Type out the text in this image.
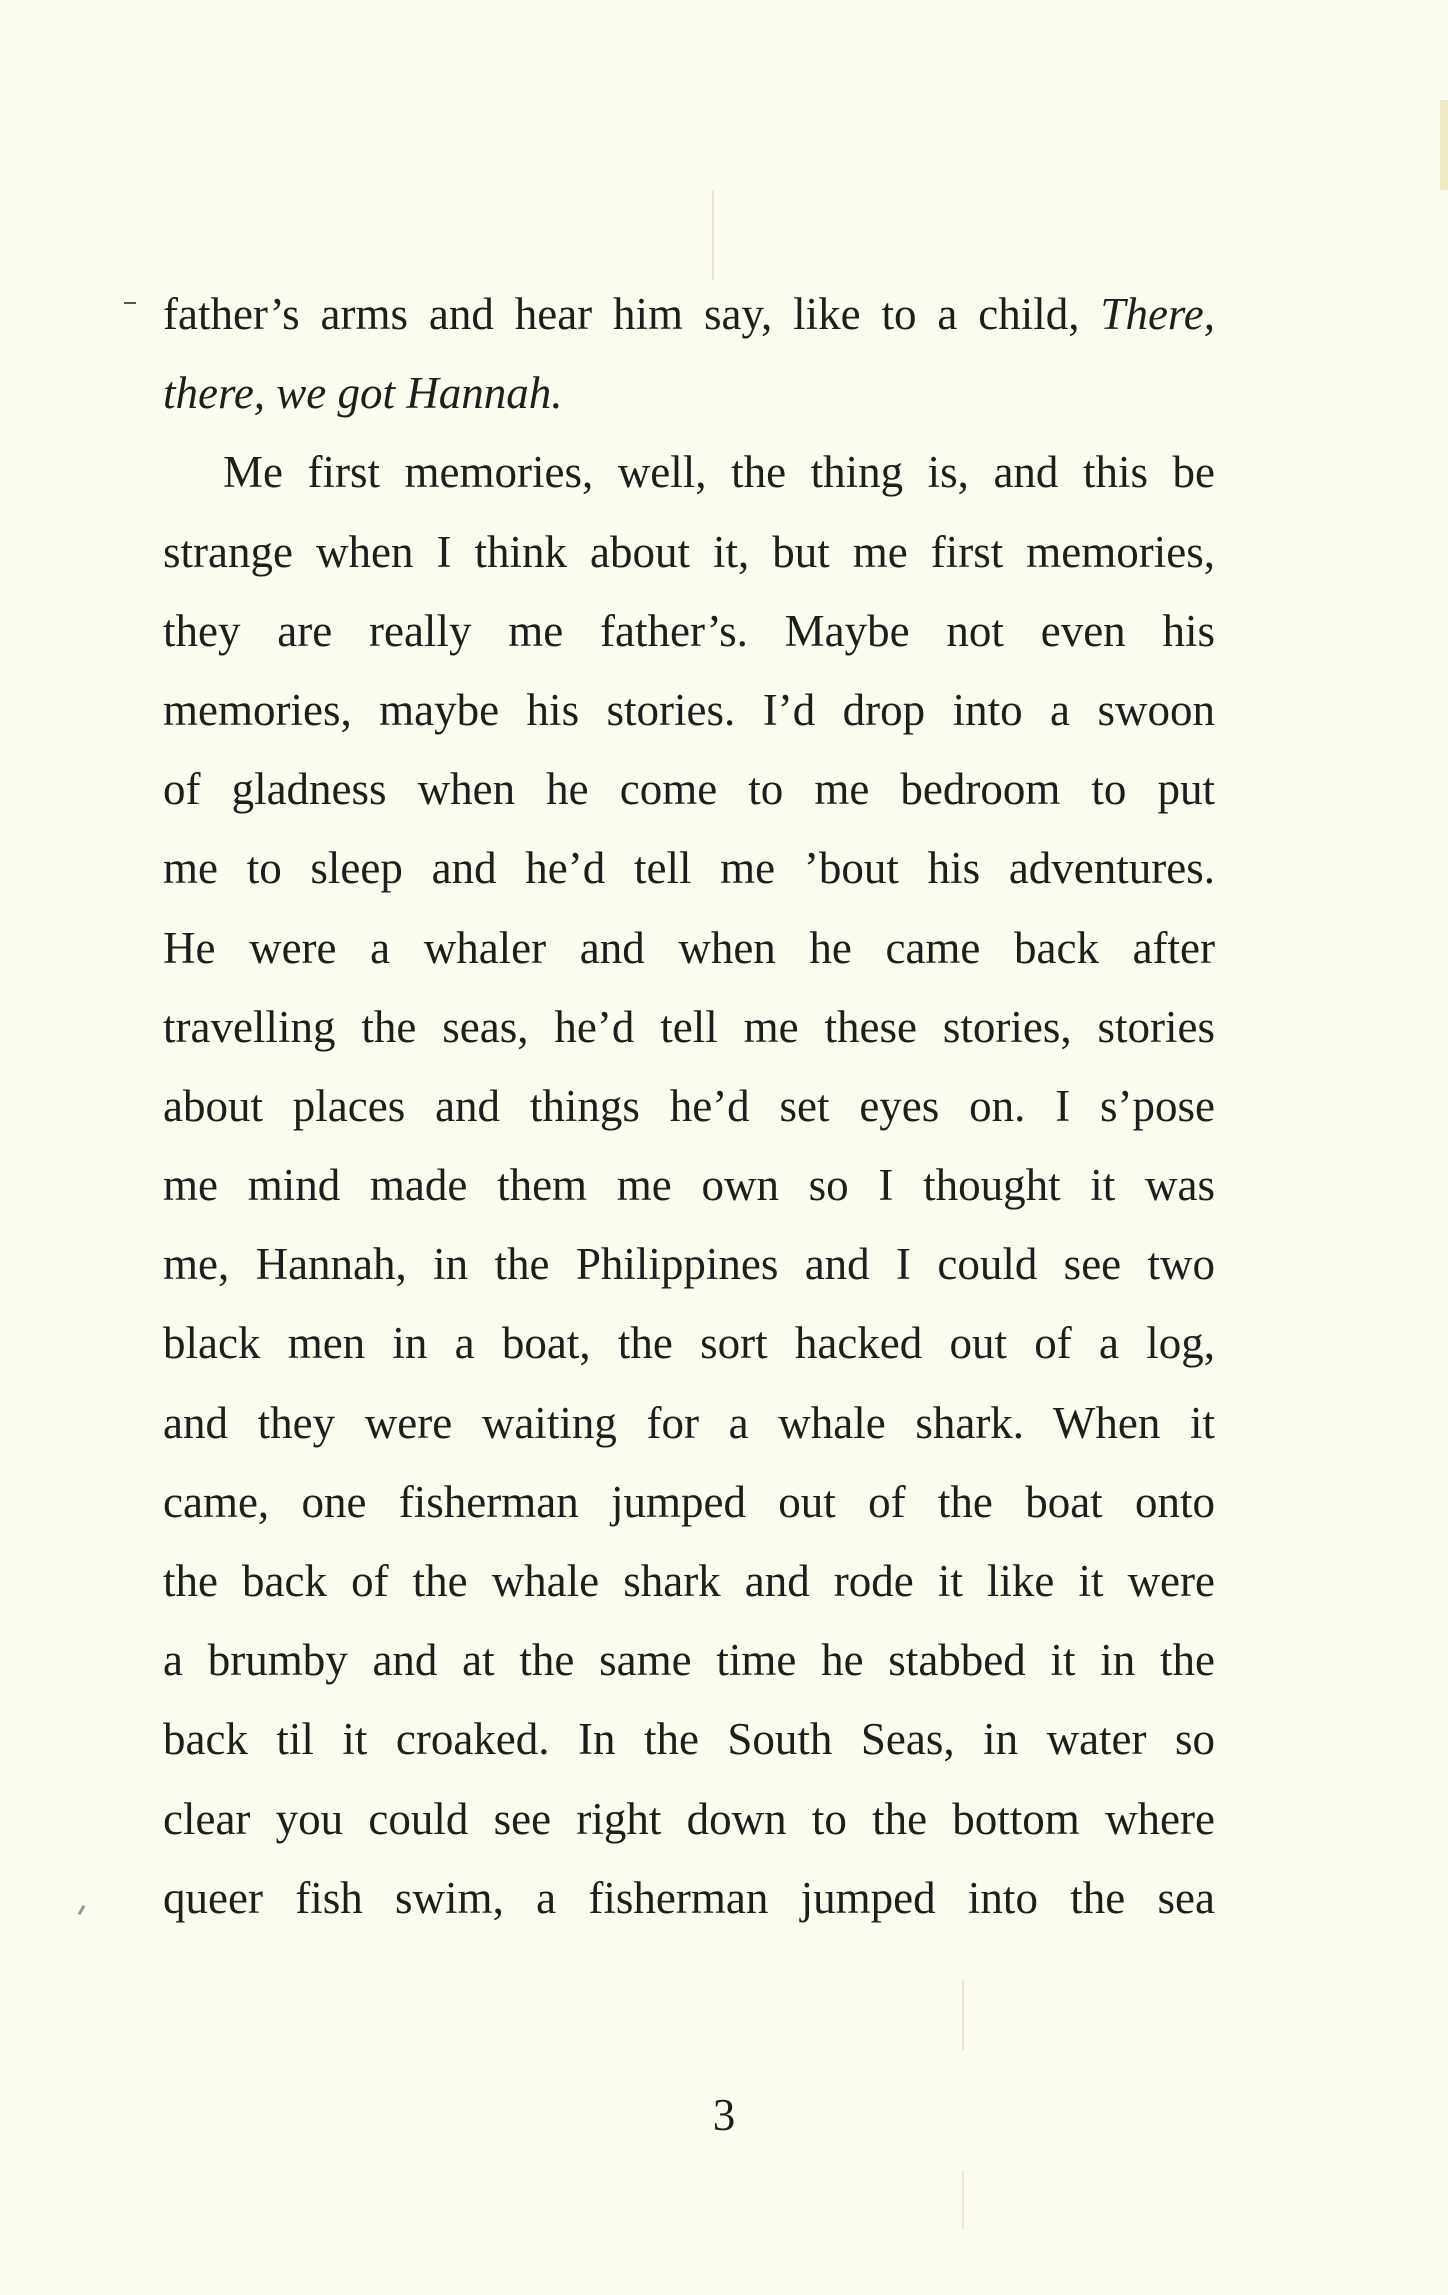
father’s arms and hear him say, like to a child, There,
there, we got Hannah.
Me first memories, well, the thing is, and this be
strange when I think about it, but me first memories,
they are really me father’s. Maybe not even his
memories, maybe his stories. I’d drop into a swoon
of gladness when he come to me bedroom to put
me to sleep and he’d tell me ’bout his adventures.
He were a whaler and when he came back after
travelling the seas, he’d tell me these stories, stories
about places and things he’d set eyes on. I s’pose
me mind made them me own so I thought it was
me, Hannah, in the Philippines and I could see two
black men in a boat, the sort hacked out of a log,
and they were waiting for a whale shark. When it
came, one fisherman jumped out of the boat onto
the back of the whale shark and rode it like it were
a brumby and at the same time he stabbed it in the
back til it croaked. In the South Seas, in water so
clear you could see right down to the bottom where
queer fish swim, a fisherman jumped into the sea
3
